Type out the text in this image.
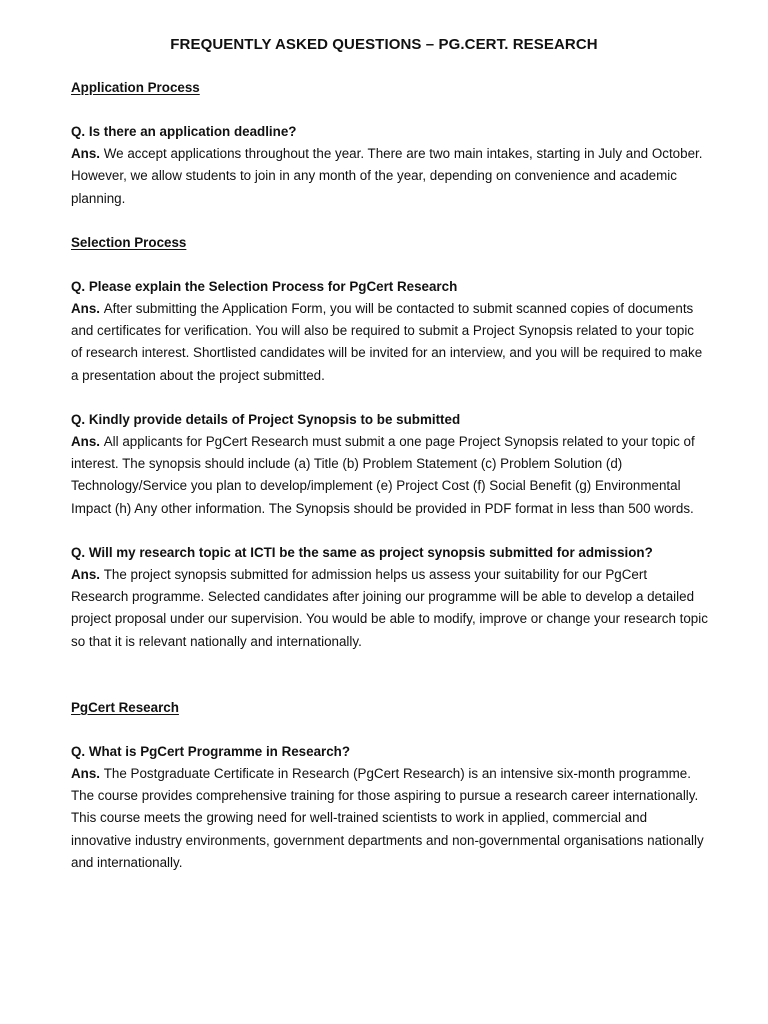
FREQUENTLY ASKED QUESTIONS – PG.CERT. RESEARCH
Application Process
Q. Is there an application deadline?
Ans. We accept applications throughout the year. There are two main intakes, starting in July and October. However, we allow students to join in any month of the year, depending on convenience and academic planning.
Selection Process
Q. Please explain the Selection Process for PgCert Research
Ans. After submitting the Application Form, you will be contacted to submit scanned copies of documents and certificates for verification. You will also be required to submit a Project Synopsis related to your topic of research interest. Shortlisted candidates will be invited for an interview, and you will be required to make a presentation about the project submitted.
Q. Kindly provide details of Project Synopsis to be submitted
Ans. All applicants for PgCert Research must submit a one page Project Synopsis related to your topic of interest. The synopsis should include (a) Title (b) Problem Statement (c) Problem Solution (d) Technology/Service you plan to develop/implement (e) Project Cost (f) Social Benefit (g) Environmental Impact (h) Any other information. The Synopsis should be provided in PDF format in less than 500 words.
Q. Will my research topic at ICTI be the same as project synopsis submitted for admission?
Ans. The project synopsis submitted for admission helps us assess your suitability for our PgCert Research programme. Selected candidates after joining our programme will be able to develop a detailed project proposal under our supervision. You would be able to modify, improve or change your research topic so that it is relevant nationally and internationally.
PgCert Research
Q. What is PgCert Programme in Research?
Ans. The Postgraduate Certificate in Research (PgCert Research) is an intensive six-month programme. The course provides comprehensive training for those aspiring to pursue a research career internationally. This course meets the growing need for well-trained scientists to work in applied, commercial and innovative industry environments, government departments and non-governmental organisations nationally and internationally.
